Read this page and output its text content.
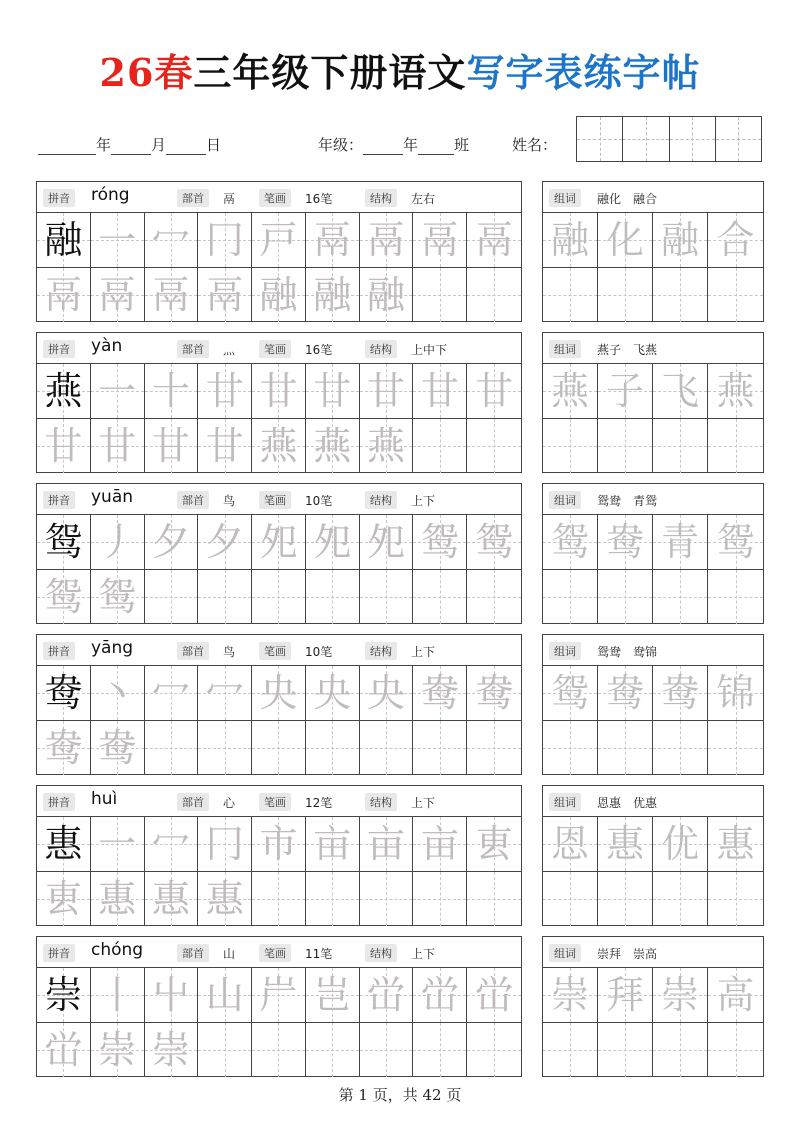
26春三年级下册语文写字表练字帖
年	月	日	年级：	年 班	姓名：
拼音 róng	部首	鬲	笔画	16笔	结构	左右
融 一 冖 冂 戸 鬲 鬲 鬲 鬲
鬲 鬲 鬲 鬲 融 融 融
组词	融化　融合
融 化 融 合
拼音 yàn	部首	灬	笔画	16笔	结构	上中下
燕 一 十 廿 廿 廿 甘 甘 甘
甘 甘 甘 甘 燕 燕 燕
组词	燕子　飞燕
燕 子 飞 燕
拼音 yuān	部首	鸟	笔画	10笔	结构	上下
鸳 丿 夕 夕 夗 夗 夗 鸳 鸳
鸳 鸳
组词	鸳鸯　青鸳
鸳 鸯 青 鸳
拼音 yāng	部首	鸟	笔画	10笔	结构	上下
鸯 丶 冖 冖 央 央 央 鸯 鸯
鸯 鸯
组词	鸳鸯　鸯锦
鸳 鸯 鸯 锦
拼音 huì	部首	心	笔画	12笔	结构	上下
惠 一 冖 冂 市 亩 亩 亩 叀
叀 惠 惠 惠
组词	恩惠　优惠
恩 惠 优 惠
拼音 chóng	部首	山	笔画	11笔	结构	上下
崇 丨 屮 山 屵 岂 峃 峃 峃
峃 崇 崇
组词	崇拜　崇高
崇 拜 崇 高
第 1 页，共 42 页
